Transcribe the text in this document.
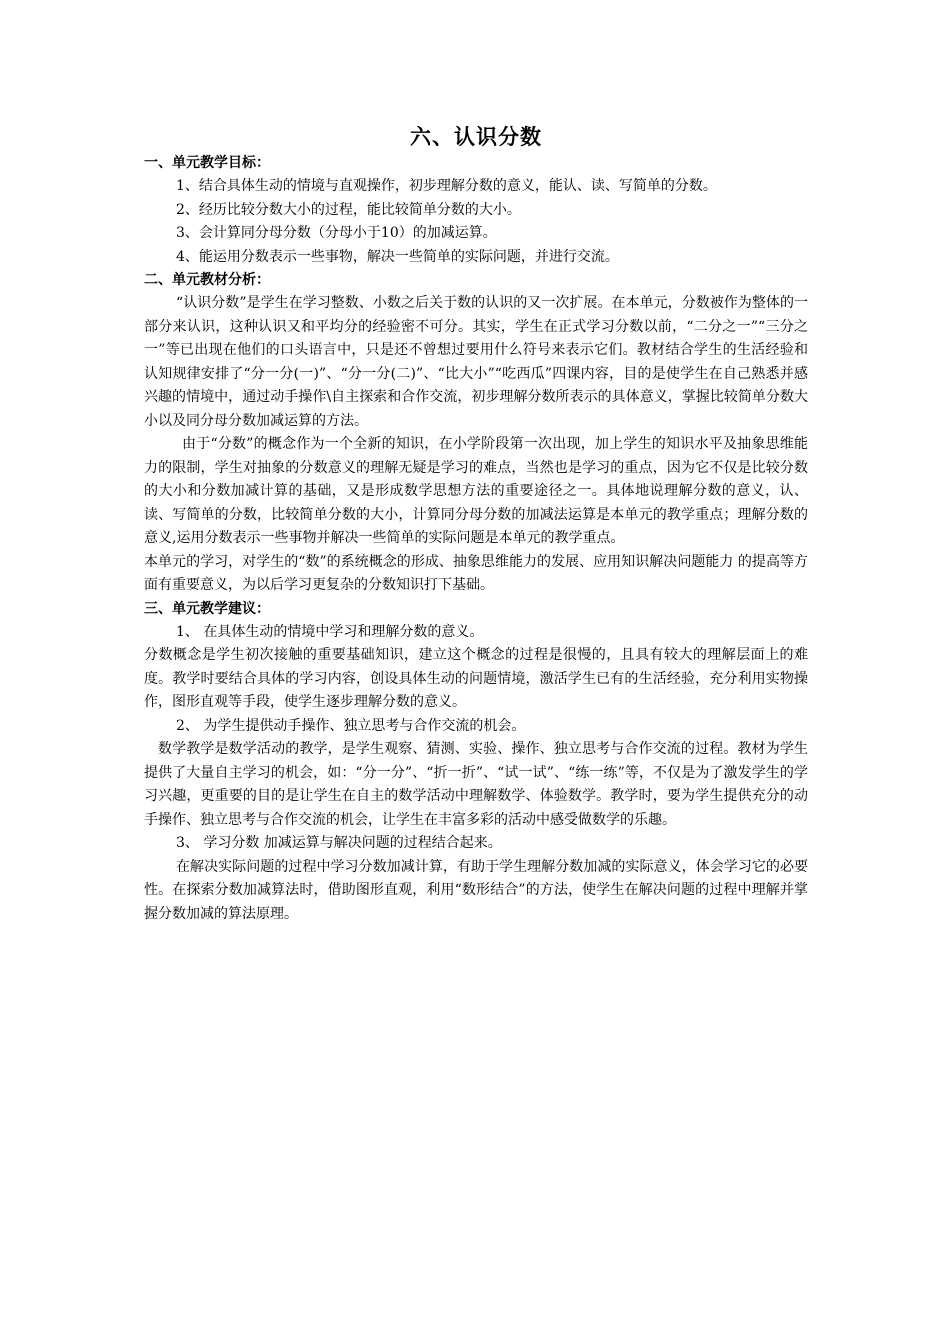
六、认识分数
一、单元教学目标：

1、结合具体生动的情境与直观操作，初步理解分数的意义，能认、读、写简单的分数。

2、经历比较分数大小的过程，能比较简单分数的大小。

3、会计算同分母分数（分母小于10）的加减运算。

4、能运用分数表示一些事物，解决一些简单的实际问题，并进行交流。

二、单元教材分析：

“认识分数”是学生在学习整数、小数之后关于数的认识的又一次扩展。在本单元，分数被作为整体的一部分来认识，这种认识又和平均分的经验密不可分。其实，学生在正式学习分数以前，“二分之一”“三分之一”等已出现在他们的口头语言中，只是还不曾想过要用什么符号来表示它们。教材结合学生的生活经验和认知规律安排了“分一分(一)”、“分一分(二)”、“比大小”“吃西瓜”四课内容，目的是使学生在自己熟悉并感兴趣的情境中，通过动手操作\自主探索和合作交流，初步理解分数所表示的具体意义，掌握比较简单分数大小以及同分母分数加减运算的方法。

由于“分数”的概念作为一个全新的知识，在小学阶段第一次出现，加上学生的知识水平及抽象思维能力的限制，学生对抽象的分数意义的理解无疑是学习的难点，当然也是学习的重点，因为它不仅是比较分数的大小和分数加减计算的基础，又是形成数学思想方法的重要途径之一。具体地说理解分数的意义，认、读、写简单的分数，比较简单分数的大小，计算同分母分数的加减法运算是本单元的教学重点；理解分数的意义,运用分数表示一些事物并解决一些简单的实际问题是本单元的教学重点。

本单元的学习，对学生的“数”的系统概念的形成、抽象思维能力的发展、应用知识解决问题能力 的提高等方面有重要意义，为以后学习更复杂的分数知识打下基础。

三、单元教学建议：

1、 在具体生动的情境中学习和理解分数的意义。

分数概念是学生初次接触的重要基础知识，建立这个概念的过程是很慢的，且具有较大的理解层面上的难度。教学时要结合具体的学习内容，创设具体生动的问题情境，激活学生已有的生活经验，充分利用实物操作，图形直观等手段，使学生逐步理解分数的意义。

2、 为学生提供动手操作、独立思考与合作交流的机会。

数学教学是数学活动的教学，是学生观察、猜测、实验、操作、独立思考与合作交流的过程。教材为学生提供了大量自主学习的机会，如：“分一分”、“折一折”、“试一试”、“练一练”等，不仅是为了激发学生的学习兴趣，更重要的目的是让学生在自主的数学活动中理解数学、体验数学。教学时，要为学生提供充分的动手操作、独立思考与合作交流的机会，让学生在丰富多彩的活动中感受做数学的乐趣。

3、 学习分数 加减运算与解决问题的过程结合起来。

在解决实际问题的过程中学习分数加减计算，有助于学生理解分数加减的实际意义，体会学习它的必要性。在探索分数加减算法时，借助图形直观，利用“数形结合”的方法，使学生在解决问题的过程中理解并掌握分数加减的算法原理。
